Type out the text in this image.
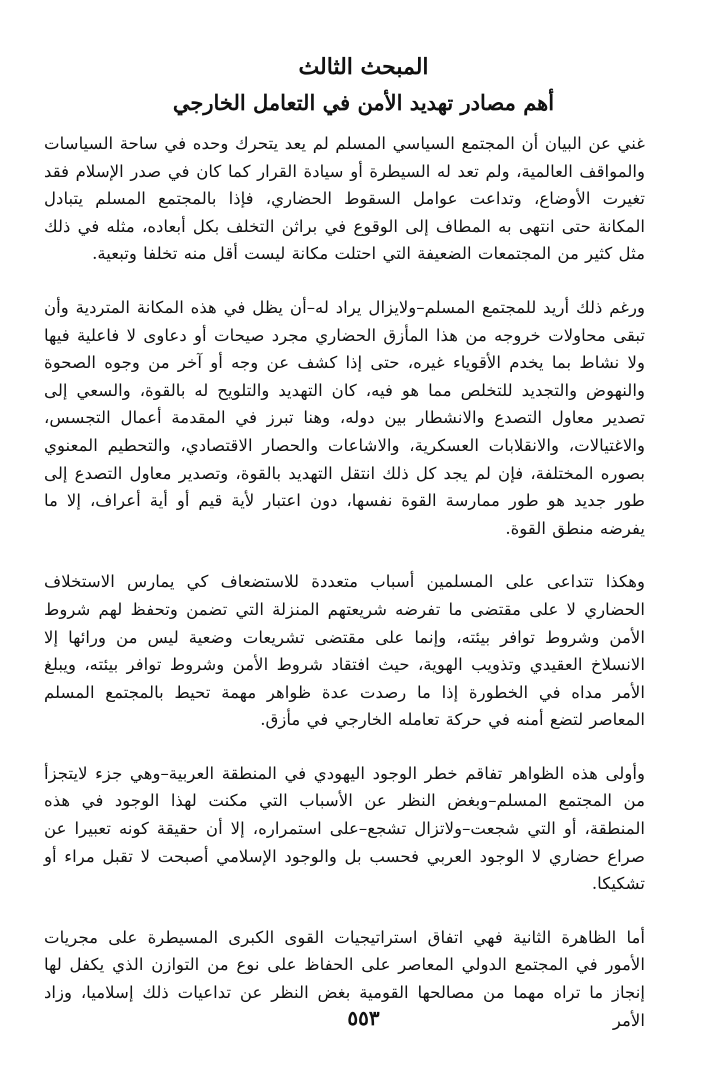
المبحث الثالث
أهم مصادر تهديد الأمن في التعامل الخارجي

غني عن البيان أن المجتمع السياسي المسلم لم يعد يتحرك وحده في ساحة السياسات والمواقف العالمية، ولم تعد له السيطرة أو سيادة القرار كما كان في صدر الإسلام فقد تغيرت الأوضاع، وتداعت عوامل السقوط الحضاري، فإذا بالمجتمع المسلم يتبادل المكانة حتى انتهى به المطاف إلى الوقوع في براثن التخلف بكل أبعاده، مثله في ذلك مثل كثير من المجتمعات الضعيفة التي احتلت مكانة ليست أقل منه تخلفا وتبعية.

ورغم ذلك أريد للمجتمع المسلم–ولايزال يراد له–أن يظل في هذه المكانة المتردية وأن تبقى محاولات خروجه من هذا المأزق الحضاري مجرد صيحات أو دعاوى لا فاعلية فيها ولا نشاط بما يخدم الأقوياء غيره، حتى إذا كشف عن وجه أو آخر من وجوه الصحوة والنهوض والتجديد للتخلص مما هو فيه، كان التهديد والتلويح له بالقوة، والسعي إلى تصدير معاول التصدع والانشطار بين دوله، وهنا تبرز في المقدمة أعمال التجسس، والاغتيالات، والانقلابات العسكرية، والاشاعات والحصار الاقتصادي، والتحطيم المعنوي بصوره المختلفة، فإن لم يجد كل ذلك انتقل التهديد بالقوة، وتصدير معاول التصدع إلى طور جديد هو طور ممارسة القوة نفسها، دون اعتبار لأية قيم أو أية أعراف، إلا ما يفرضه منطق القوة.

وهكذا تتداعى على المسلمين أسباب متعددة للاستضعاف كي يمارس الاستخلاف الحضاري لا على مقتضى ما تفرضه شريعتهم المنزلة التي تضمن وتحفظ لهم شروط الأمن وشروط توافر بيئته، وإنما على مقتضى تشريعات وضعية ليس من ورائها إلا الانسلاخ العقيدي وتذويب الهوية، حيث افتقاد شروط الأمن وشروط توافر بيئته، ويبلغ الأمر مداه في الخطورة إذا ما رصدت عدة ظواهر مهمة تحيط بالمجتمع المسلم المعاصر لتضع أمنه في حركة تعامله الخارجي في مأزق.

وأولى هذه الظواهر تفاقم خطر الوجود اليهودي في المنطقة العربية–وهي جزء لايتجزأ من المجتمع المسلم–وبغض النظر عن الأسباب التي مكنت لهذا الوجود في هذه المنطقة، أو التي شجعت–ولاتزال تشجع–على استمراره، إلا أن حقيقة كونه تعبيرا عن صراع حضاري لا الوجود العربي فحسب بل والوجود الإسلامي أصبحت لا تقبل مراء أو تشكيكا.

أما الظاهرة الثانية فهي اتفاق استراتيجيات القوى الكبرى المسيطرة على مجريات الأمور في المجتمع الدولي المعاصر على الحفاظ على نوع من التوازن الذي يكفل لها إنجاز ما تراه مهما من مصالحها القومية بغض النظر عن تداعيات ذلك إسلاميا، وزاد الأمر

٥٥٣
